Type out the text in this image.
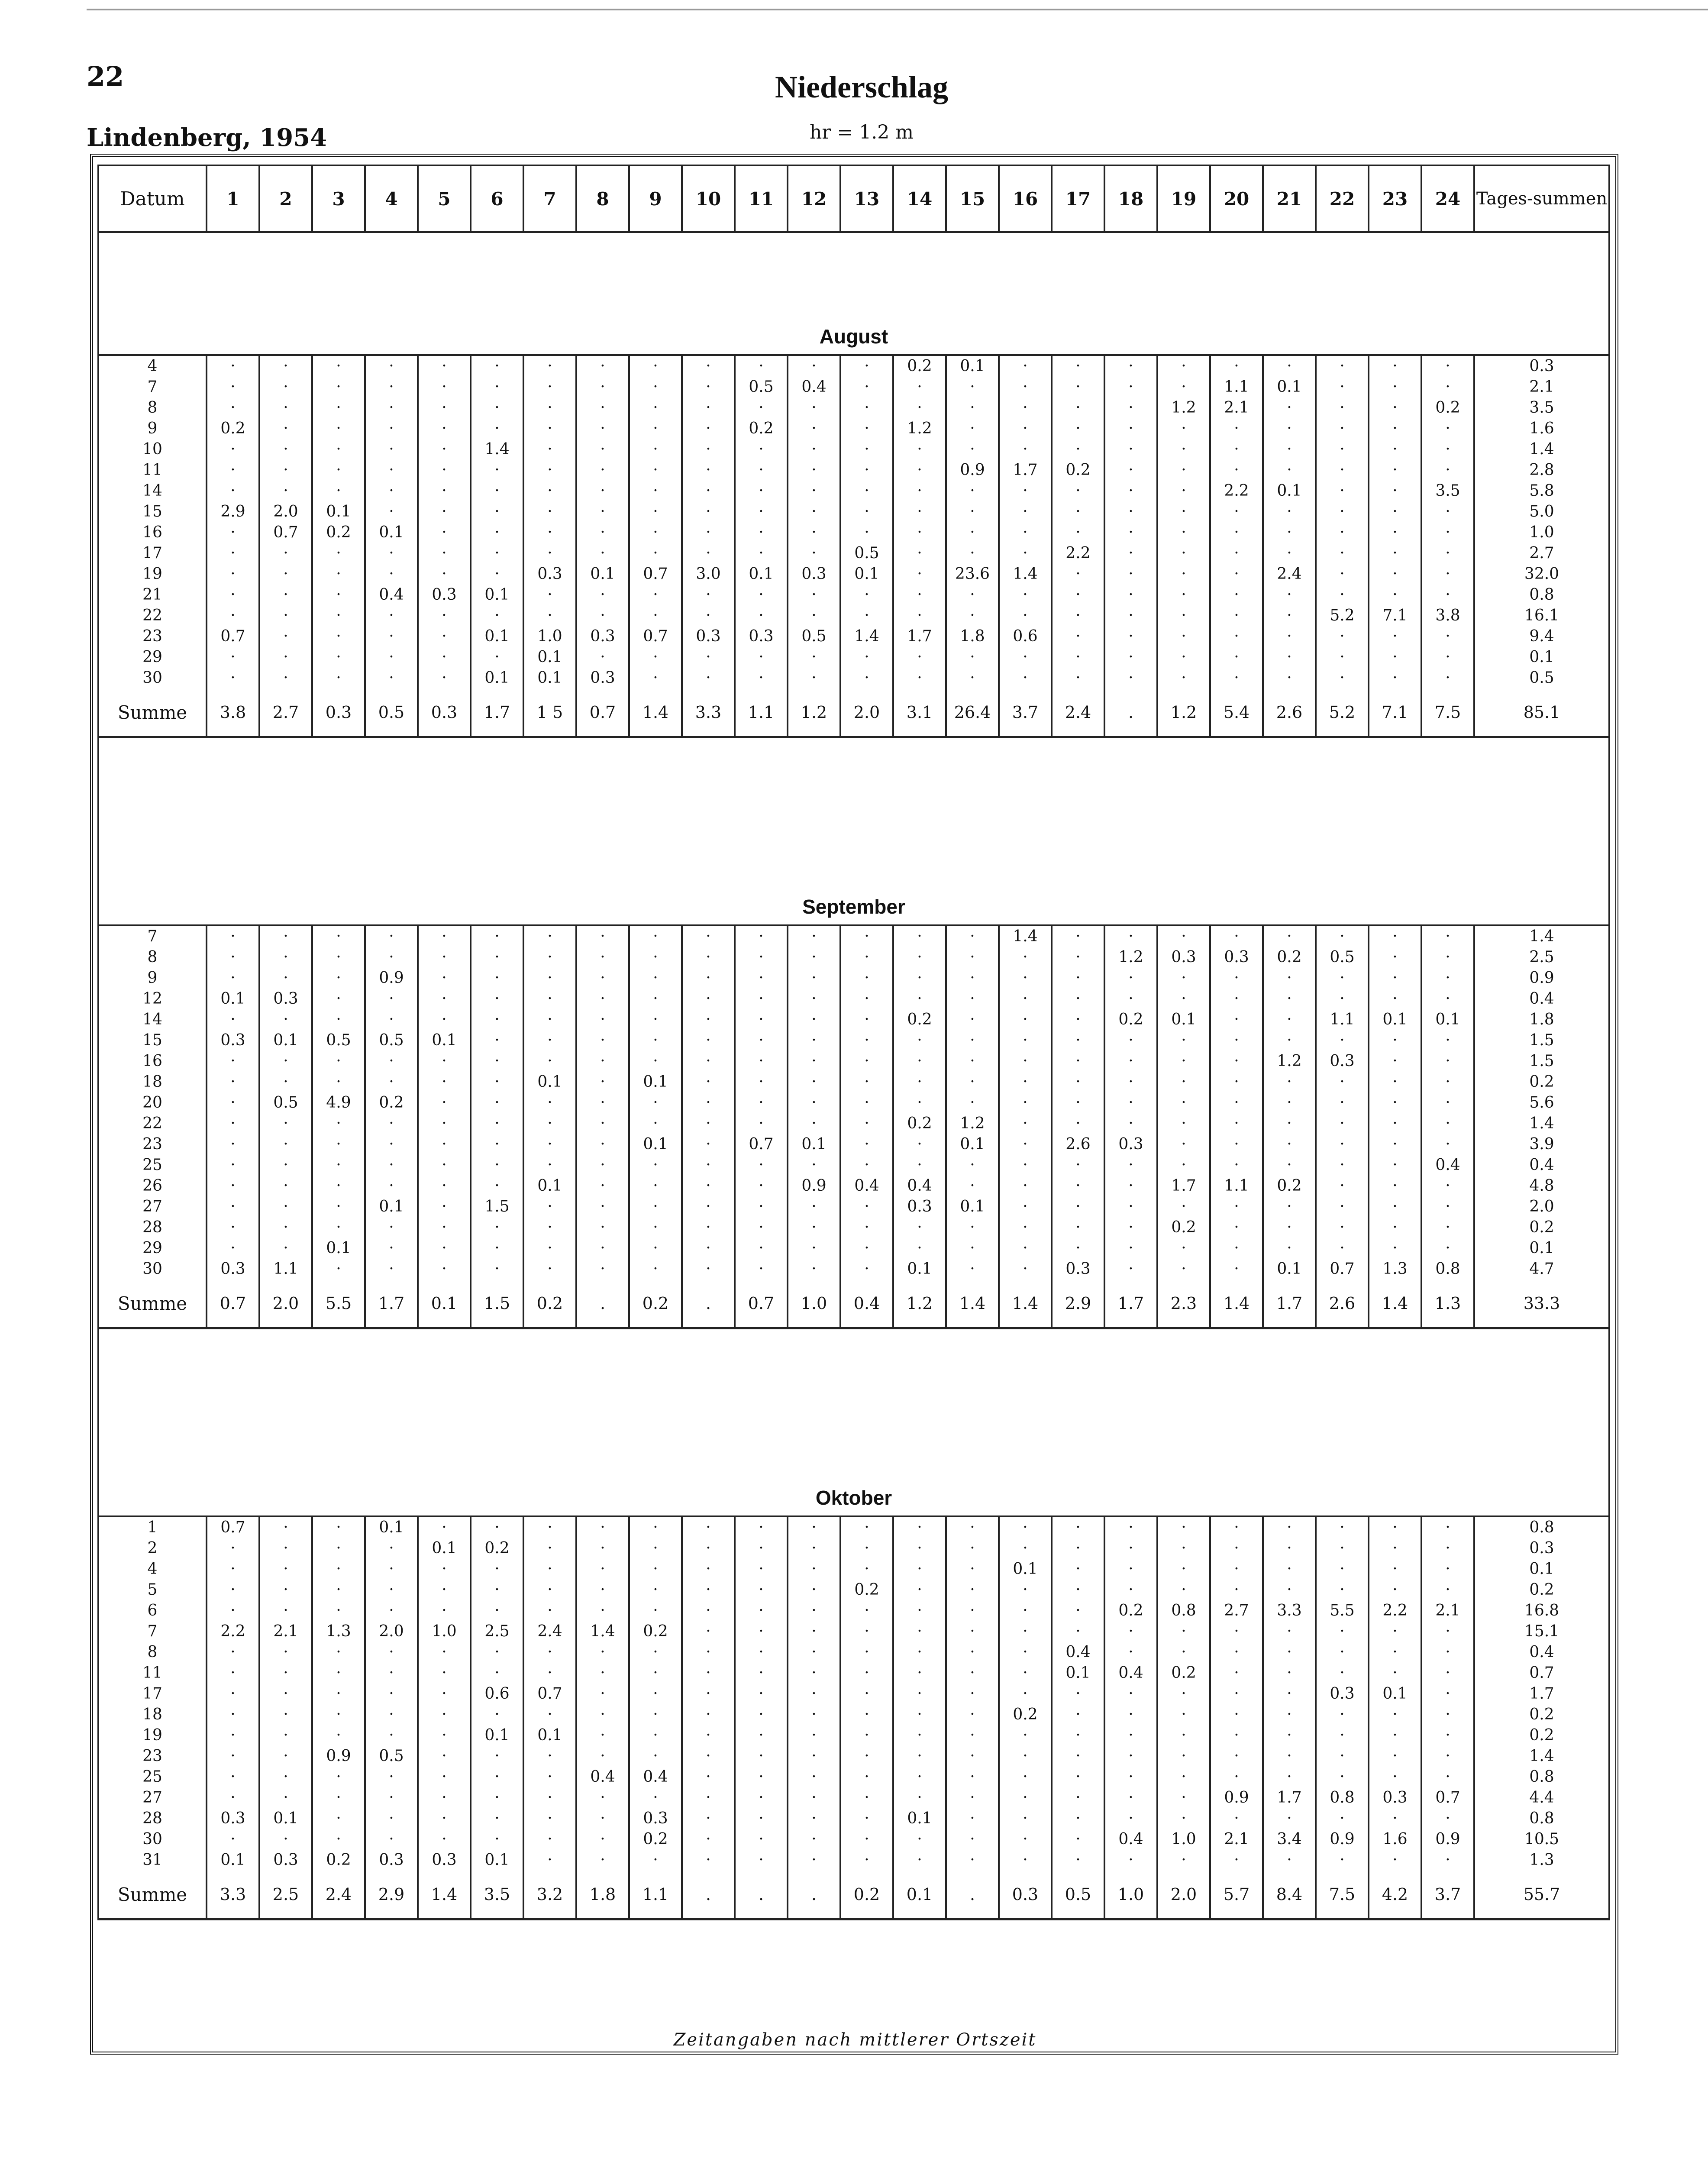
22	Niederschlag
Lindenberg, 1954	hr = 1.2 m
Datum	1	2	3	4	5	6	7	8	9	10	11	12	13	14	15	16	17	18	19	20	21	22	23	24	Tages-summen
August																									
4	·	·	·	·	·	·	·	·	·	·	·	·	·	0.2	0.1	·	·	·	·	·	·	·	·	·	0.3
7	·	·	·	·	·	·	·	·	·	·	0.5	0.4	·	·	·	·	·	·	·	1.1	0.1	·	·	·	2.1
8	·	·	·	·	·	·	·	·	·	·	·	·	·	·	·	·	·	·	1.2	2.1	·	·	·	0.2	3.5
9	0.2	·	·	·	·	·	·	·	·	·	0.2	·	·	1.2	·	·	·	·	·	·	·	·	·	·	1.6
10	·	·	·	·	·	1.4	·	·	·	·	·	·	·	·	·	·	·	·	·	·	·	·	·	·	1.4
11	·	·	·	·	·	·	·	·	·	·	·	·	·	·	0.9	1.7	0.2	·	·	·	·	·	·	·	2.8
14	·	·	·	·	·	·	·	·	·	·	·	·	·	·	·	·	·	·	·	2.2	0.1	·	·	3.5	5.8
15	2.9	2.0	0.1	·	·	·	·	·	·	·	·	·	·	·	·	·	·	·	·	·	·	·	·	·	5.0
16	·	0.7	0.2	0.1	·	·	·	·	·	·	·	·	·	·	·	·	·	·	·	·	·	·	·	·	1.0
17	·	·	·	·	·	·	·	·	·	·	·	·	0.5	·	·	·	2.2	·	·	·	·	·	·	·	2.7
19	·	·	·	·	·	·	0.3	0.1	0.7	3.0	0.1	0.3	0.1	·	23.6	1.4	·	·	·	·	2.4	·	·	·	32.0
21	·	·	·	0.4	0.3	0.1	·	·	·	·	·	·	·	·	·	·	·	·	·	·	·	·	·	·	0.8
22	·	·	·	·	·	·	·	·	·	·	·	·	·	·	·	·	·	·	·	·	·	5.2	7.1	3.8	16.1
23	0.7	·	·	·	·	0.1	1.0	0.3	0.7	0.3	0.3	0.5	1.4	1.7	1.8	0.6	·	·	·	·	·	·	·	·	9.4
29	·	·	·	·	·	·	0.1	·	·	·	·	·	·	·	·	·	·	·	·	·	·	·	·	·	0.1
30	·	·	·	·	·	0.1	0.1	0.3	·	·	·	·	·	·	·	·	·	·	·	·	·	·	·	·	0.5
Summe	3.8	2.7	0.3	0.5	0.3	1.7	1 5	0.7	1.4	3.3	1.1	1.2	2.0	3.1	26.4	3.7	2.4	.	1.2	5.4	2.6	5.2	7.1	7.5	85.1

September																									
7	·	·	·	·	·	·	·	·	·	·	·	·	·	·	·	1.4	·	·	·	·	·	·	·	·	1.4
8	·	·	·	·	·	·	·	·	·	·	·	·	·	·	·	·	·	1.2	0.3	0.3	0.2	0.5	·	·	2.5
9	·	·	·	0.9	·	·	·	·	·	·	·	·	·	·	·	·	·	·	·	·	·	·	·	·	0.9
12	0.1	0.3	·	·	·	·	·	·	·	·	·	·	·	·	·	·	·	·	·	·	·	·	·	·	0.4
14	·	·	·	·	·	·	·	·	·	·	·	·	·	0.2	·	·	·	0.2	0.1	·	·	1.1	0.1	0.1	1.8
15	0.3	0.1	0.5	0.5	0.1	·	·	·	·	·	·	·	·	·	·	·	·	·	·	·	·	·	·	·	1.5
16	·	·	·	·	·	·	·	·	·	·	·	·	·	·	·	·	·	·	·	·	1.2	0.3	·	·	1.5
18	·	·	·	·	·	·	0.1	·	0.1	·	·	·	·	·	·	·	·	·	·	·	·	·	·	·	0.2
20	·	0.5	4.9	0.2	·	·	·	·	·	·	·	·	·	·	·	·	·	·	·	·	·	·	·	·	5.6
22	·	·	·	·	·	·	·	·	·	·	·	·	·	0.2	1.2	·	·	·	·	·	·	·	·	·	1.4
23	·	·	·	·	·	·	·	·	0.1	·	0.7	0.1	·	·	0.1	·	2.6	0.3	·	·	·	·	·	·	3.9
25	·	·	·	·	·	·	·	·	·	·	·	·	·	·	·	·	·	·	·	·	·	·	·	0.4	0.4
26	·	·	·	·	·	·	0.1	·	·	·	·	0.9	0.4	0.4	·	·	·	·	1.7	1.1	0.2	·	·	·	4.8
27	·	·	·	0.1	·	1.5	·	·	·	·	·	·	·	0.3	0.1	·	·	·	·	·	·	·	·	·	2.0
28	·	·	·	·	·	·	·	·	·	·	·	·	·	·	·	·	·	·	0.2	·	·	·	·	·	0.2
29	·	·	0.1	·	·	·	·	·	·	·	·	·	·	·	·	·	·	·	·	·	·	·	·	·	0.1
30	0.3	1.1	·	·	·	·	·	·	·	·	·	·	·	0.1	·	·	0.3	·	·	·	0.1	0.7	1.3	0.8	4.7
Summe	0.7	2.0	5.5	1.7	0.1	1.5	0.2	.	0.2	.	0.7	1.0	0.4	1.2	1.4	1.4	2.9	1.7	2.3	1.4	1.7	2.6	1.4	1.3	33.3

Oktober																									
1	0.7	·	·	0.1	·	·	·	·	·	·	·	·	·	·	·	·	·	·	·	·	·	·	·	·	0.8
2	·	·	·	·	0.1	0.2	·	·	·	·	·	·	·	·	·	·	·	·	·	·	·	·	·	·	0.3
4	·	·	·	·	·	·	·	·	·	·	·	·	·	·	·	0.1	·	·	·	·	·	·	·	·	0.1
5	·	·	·	·	·	·	·	·	·	·	·	·	0.2	·	·	·	·	·	·	·	·	·	·	·	0.2
6	·	·	·	·	·	·	·	·	·	·	·	·	·	·	·	·	·	0.2	0.8	2.7	3.3	5.5	2.2	2.1	16.8
7	2.2	2.1	1.3	2.0	1.0	2.5	2.4	1.4	0.2	·	·	·	·	·	·	·	·	·	·	·	·	·	·	·	15.1
8	·	·	·	·	·	·	·	·	·	·	·	·	·	·	·	·	0.4	·	·	·	·	·	·	·	0.4
11	·	·	·	·	·	·	·	·	·	·	·	·	·	·	·	·	0.1	0.4	0.2	·	·	·	·	·	0.7
17	·	·	·	·	·	0.6	0.7	·	·	·	·	·	·	·	·	·	·	·	·	·	·	0.3	0.1	·	1.7
18	·	·	·	·	·	·	·	·	·	·	·	·	·	·	·	0.2	·	·	·	·	·	·	·	·	0.2
19	·	·	·	·	·	0.1	0.1	·	·	·	·	·	·	·	·	·	·	·	·	·	·	·	·	·	0.2
23	·	·	0.9	0.5	·	·	·	·	·	·	·	·	·	·	·	·	·	·	·	·	·	·	·	·	1.4
25	·	·	·	·	·	·	·	0.4	0.4	·	·	·	·	·	·	·	·	·	·	·	·	·	·	·	0.8
27	·	·	·	·	·	·	·	·	·	·	·	·	·	·	·	·	·	·	·	0.9	1.7	0.8	0.3	0.7	4.4
28	0.3	0.1	·	·	·	·	·	·	0.3	·	·	·	·	0.1	·	·	·	·	·	·	·	·	·	·	0.8
30	·	·	·	·	·	·	·	·	0.2	·	·	·	·	·	·	·	·	0.4	1.0	2.1	3.4	0.9	1.6	0.9	10.5
31	0.1	0.3	0.2	0.3	0.3	0.1	·	·	·	·	·	·	·	·	·	·	·	·	·	·	·	·	·	·	1.3
Summe	3.3	2.5	2.4	2.9	1.4	3.5	3.2	1.8	1.1	.	.	.	0.2	0.1	.	0.3	0.5	1.0	2.0	5.7	8.4	7.5	4.2	3.7	55.7
Zeitangaben nach mittlerer Ortszeit
